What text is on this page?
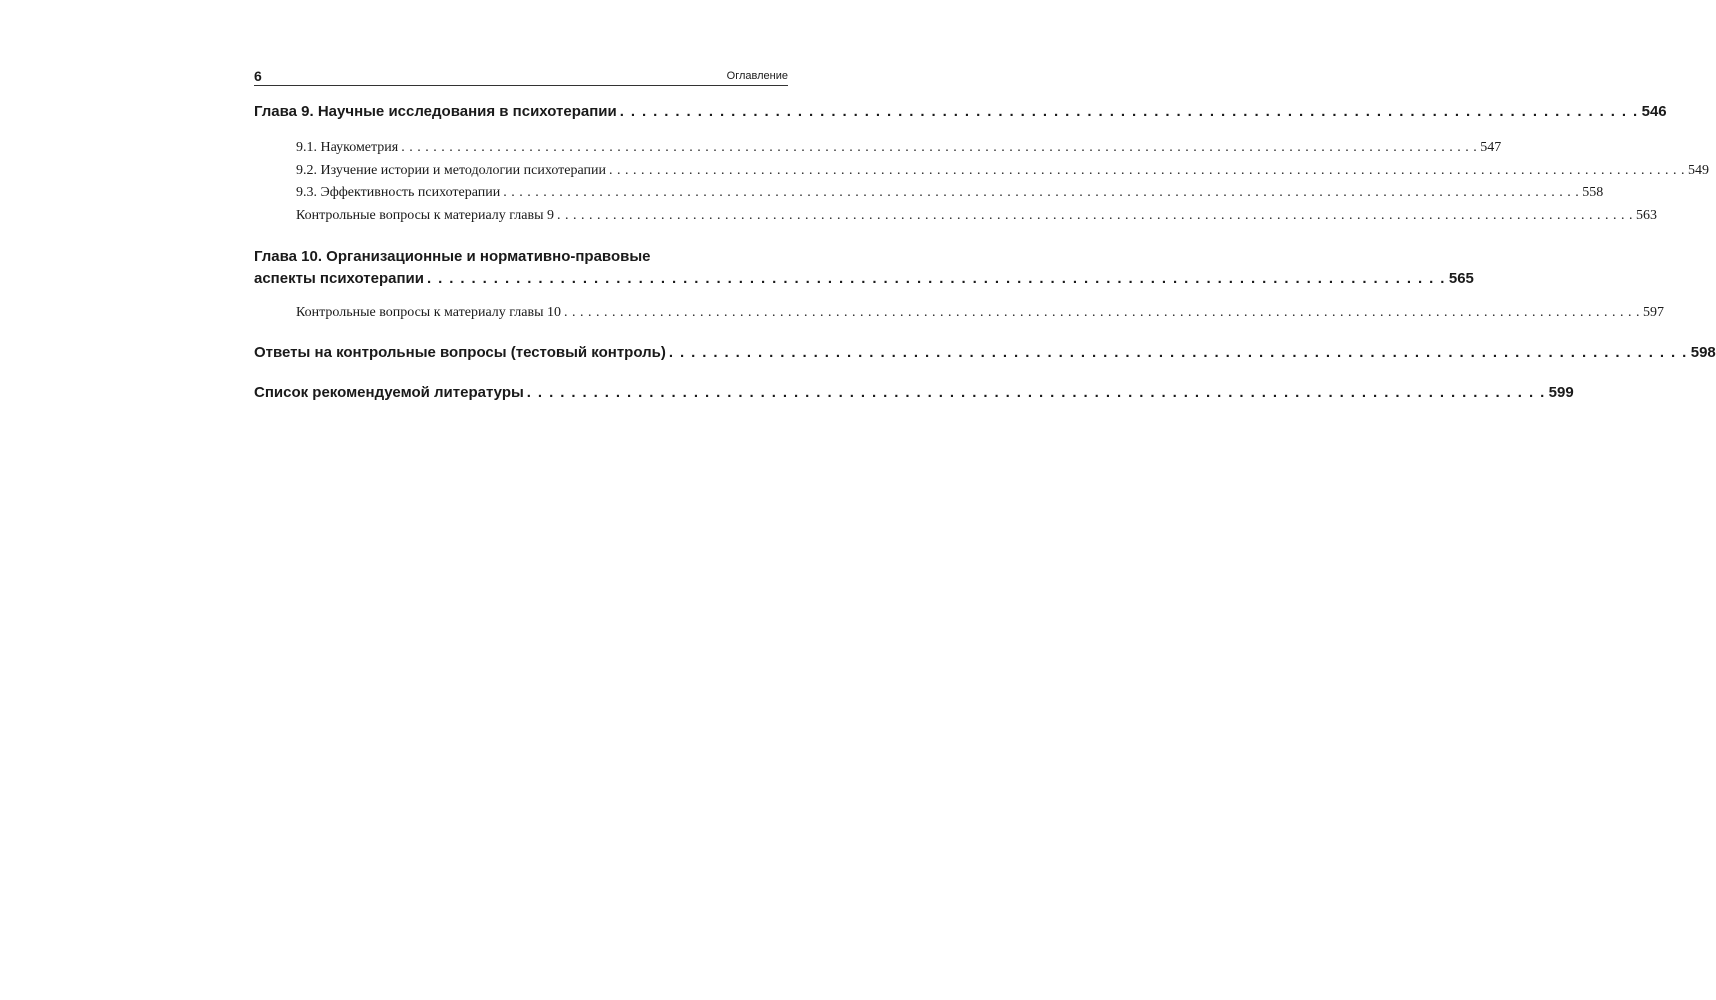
6	Оглавление
Глава 9. Научные исследования в психотерапии . . .	546
9.1. Наукометрия . . .	547
9.2. Изучение истории и методологии психотерапии . . .	549
9.3. Эффективность психотерапии . . .	558
Контрольные вопросы к материалу главы 9 . . .	563
Глава 10. Организационные и нормативно-правовые
аспекты психотерапии . . .	565
Контрольные вопросы к материалу главы 10 . . .	597
Ответы на контрольные вопросы (тестовый контроль) . . .	598
Список рекомендуемой литературы . . .	599
